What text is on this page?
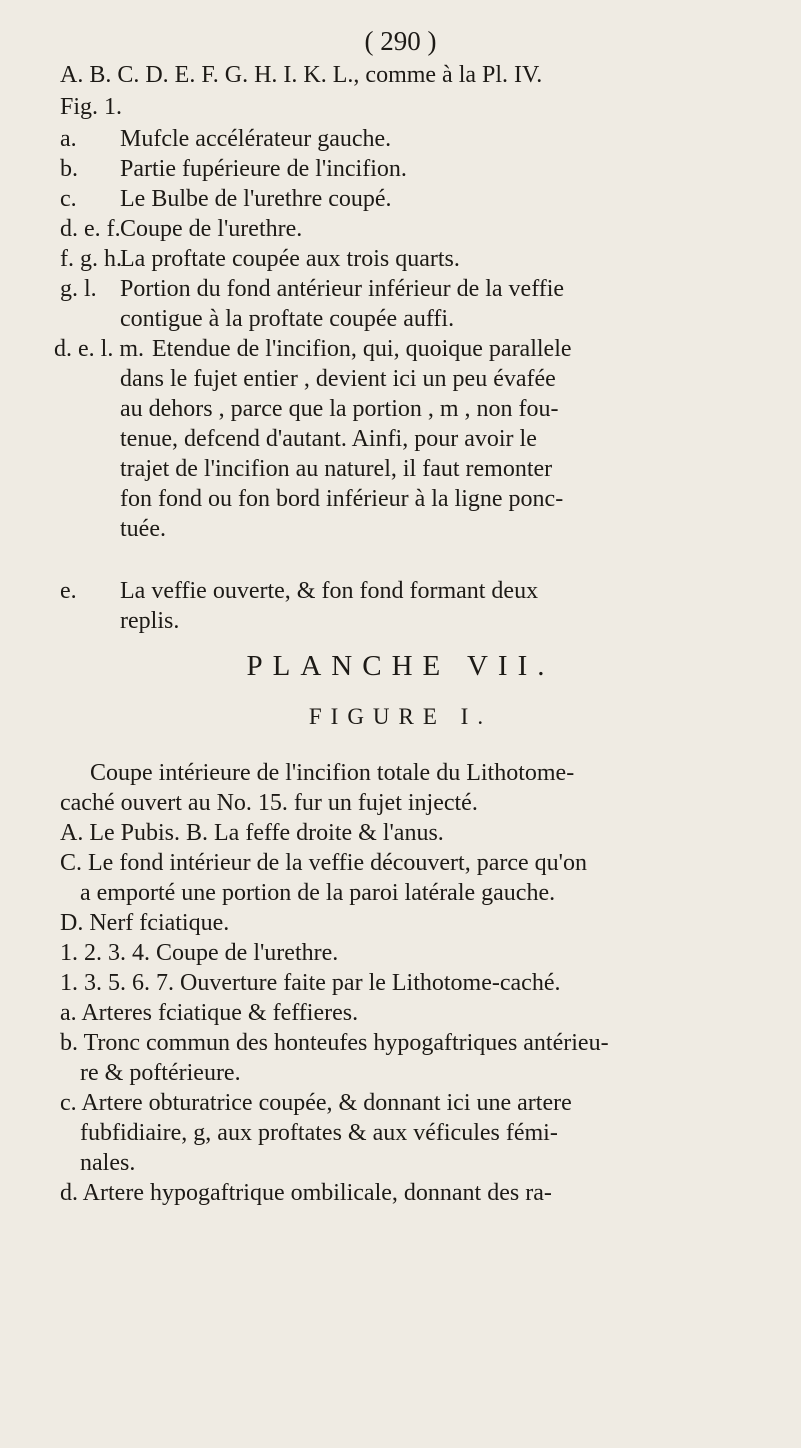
( 290 )
A. B. C. D. E. F. G. H. I. K. L., comme à la Pl. IV.
Fig. 1.
a. Mufcle accélérateur gauche.
b. Partie fupérieure de l'incifion.
c. Le Bulbe de l'urethre coupé.
d. e. f. Coupe de l'urethre.
f. g. h.
La proftate coupée aux trois quarts.
g. l. Portion du fond antérieur inférieur de la veffie
contigue à la proftate coupée auffi.
d. e. l. m. Etendue de l'incifion, qui, quoique parallele
dans le fujet entier , devient ici un peu évafée
au dehors , parce que la portion , m , non fou-
tenue, defcend d'autant. Ainfi, pour avoir le
trajet de l'incifion au naturel, il faut remonter
fon fond ou fon bord inférieur à la ligne ponc-
tuée.
e. La veffie ouverte, & fon fond formant deux
replis.
PLANCHE VII.
FIGURE I.
Coupe intérieure de l'incifion totale du Lithotome-
caché ouvert au No. 15. fur un fujet injecté.
A. Le Pubis. B. La feffe droite & l'anus.
C. Le fond intérieur de la veffie découvert, parce qu'on
a emporté une portion de la paroi latérale gauche.
D. Nerf fciatique.
1. 2. 3. 4. Coupe de l'urethre.
1. 3. 5. 6. 7. Ouverture faite par le Lithotome-caché.
a. Arteres fciatique & feffieres.
b. Tronc commun des honteufes hypogaftriques antérieu-
re & poftérieure.
c. Artere obturatrice coupée, & donnant ici une artere
fubfidiaire, g, aux proftates & aux véficules fémi-
nales.
d. Artere hypogaftrique ombilicale, donnant des ra-
